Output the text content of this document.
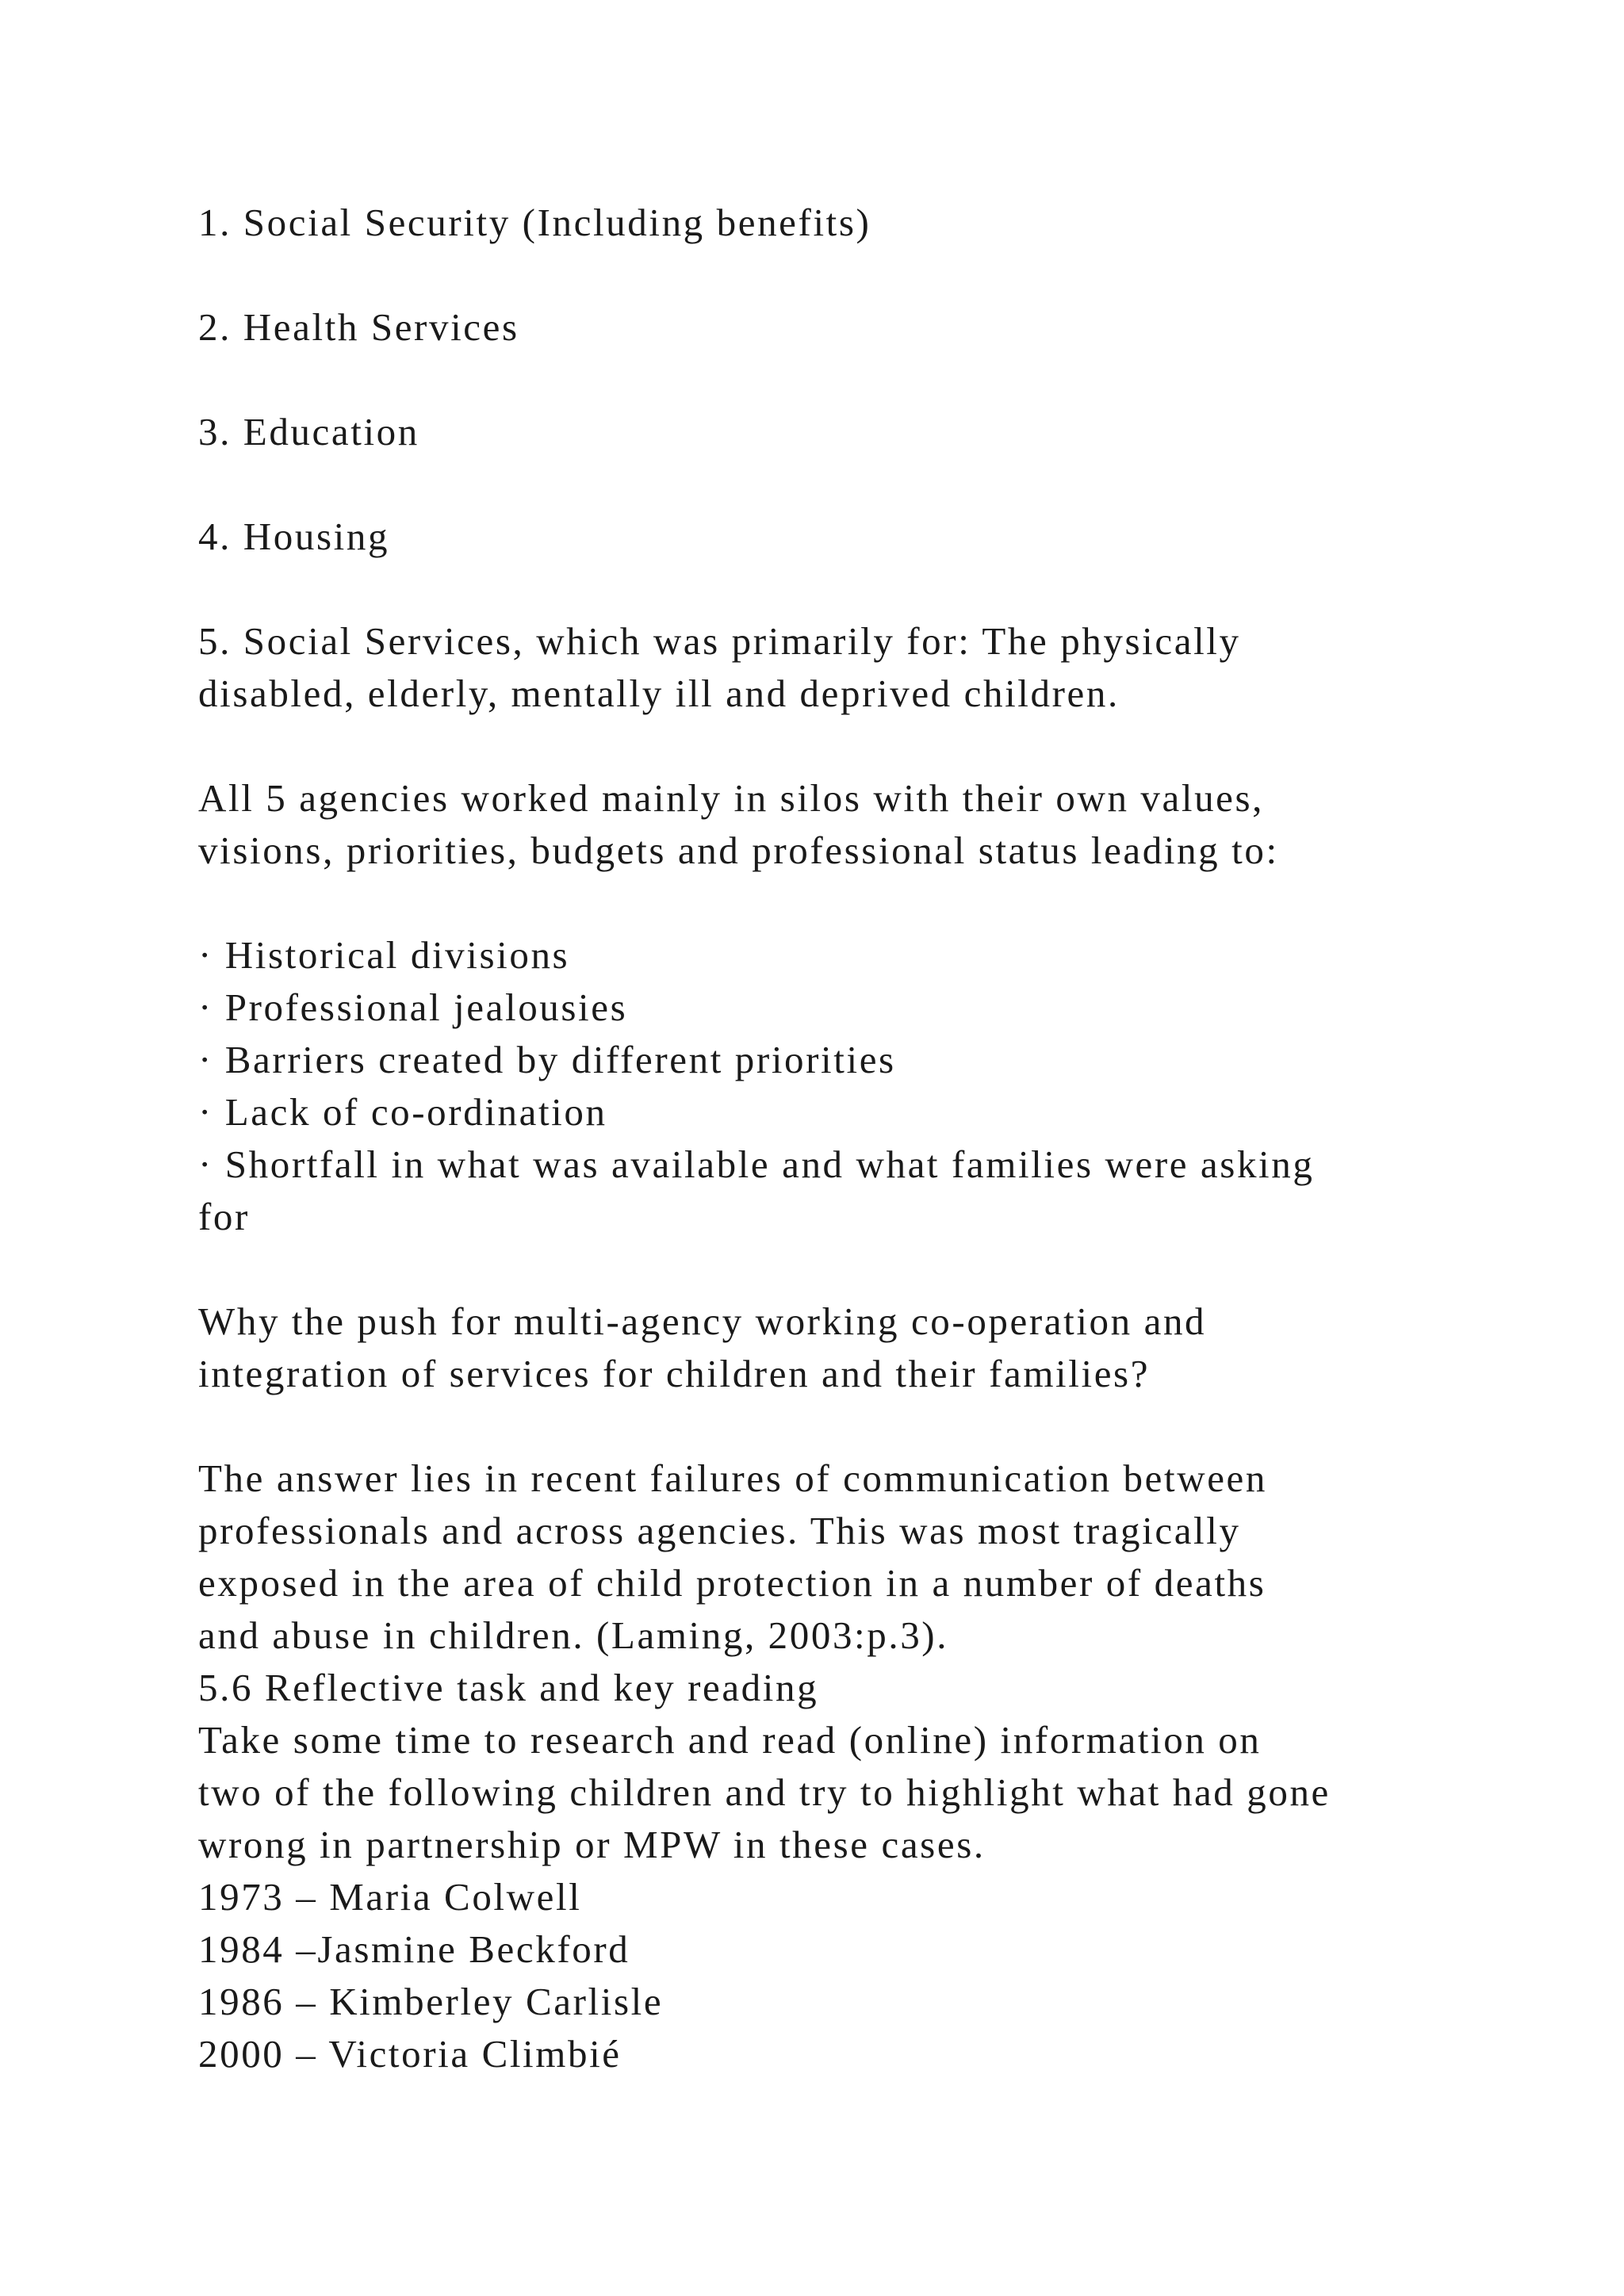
1. Social Security (Including benefits)
2. Health Services
3. Education
4. Housing
5. Social Services, which was primarily for: The physically
disabled, elderly, mentally ill and deprived children.
All 5 agencies worked mainly in silos with their own values,
visions, priorities, budgets and professional status leading to:
· Historical divisions
· Professional jealousies
· Barriers created by different priorities
· Lack of co-ordination
· Shortfall in what was available and what families were asking
for
Why the push for multi-agency working co-operation and
integration of services for children and their families?
The answer lies in recent failures of communication between
professionals and across agencies. This was most tragically
exposed in the area of child protection in a number of deaths
and abuse in children. (Laming, 2003:p.3).
5.6 Reflective task and key reading
Take some time to research and read (online) information on
two of the following children and try to highlight what had gone
wrong in partnership or MPW in these cases.
1973 – Maria Colwell
1984 –Jasmine Beckford
1986 – Kimberley Carlisle
2000 – Victoria Climbié
